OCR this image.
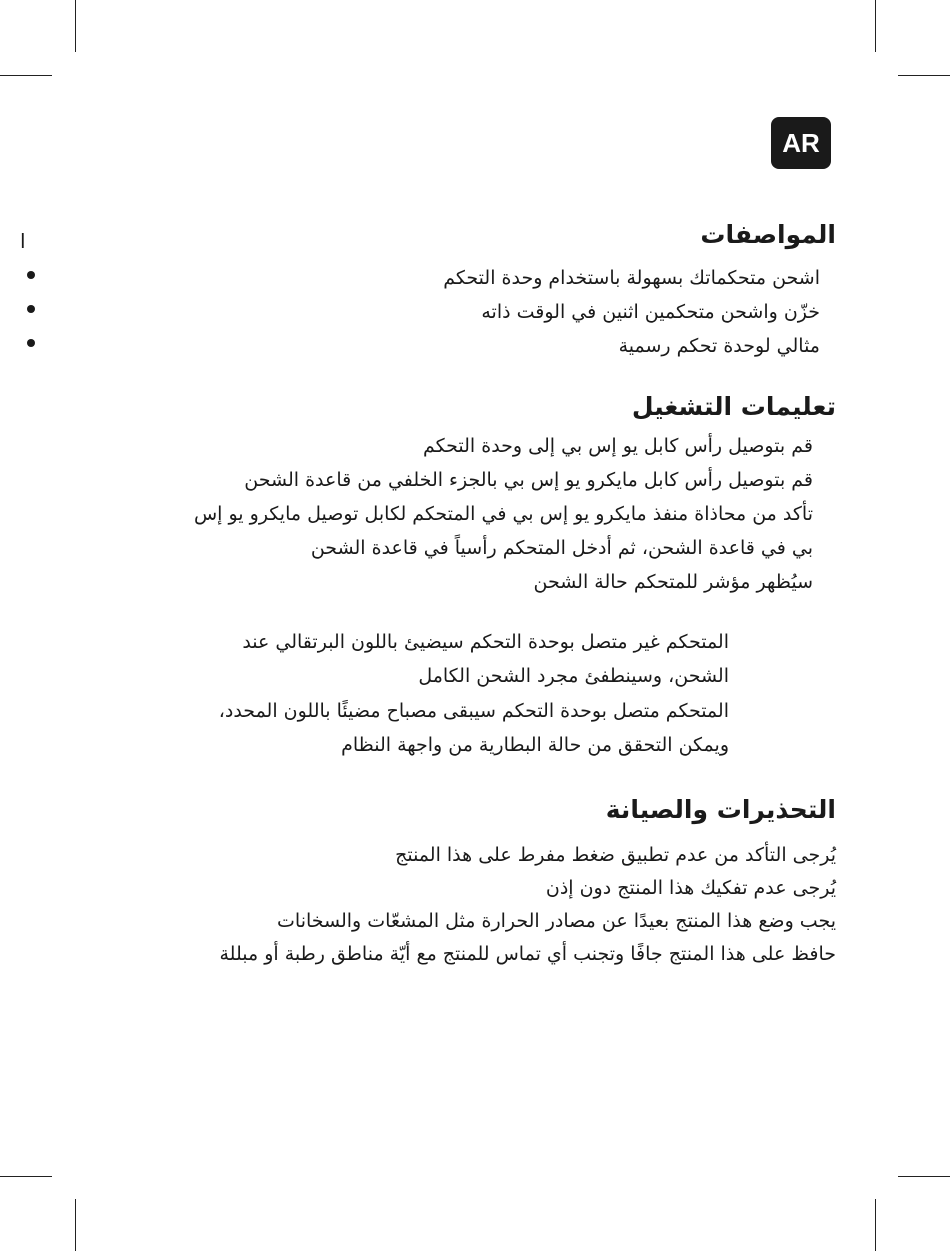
AR
ا	المواصفات
اشحن متحكماتك بسهولة باستخدام وحدة التحكم
خزّن واشحن متحكمين اثنين في الوقت ذاته
مثالي لوحدة تحكم رسمية
تعليمات التشغيل
قم بتوصيل رأس كابل يو إس بي إلى وحدة التحكم
قم بتوصيل رأس كابل مايكرو يو إس بي بالجزء الخلفي من قاعدة الشحن
تأكد من محاذاة منفذ مايكرو يو إس بي في المتحكم لكابل توصيل مايكرو يو إس
بي في قاعدة الشحن، ثم أدخل المتحكم رأسياً في قاعدة الشحن
سيُظهر مؤشر للمتحكم حالة الشحن
المتحكم غير متصل بوحدة التحكم سيضيئ باللون البرتقالي عند
الشحن، وسينطفئ مجرد الشحن الكامل
المتحكم متصل بوحدة التحكم سيبقى مصباح مضيئًا باللون المحدد،
ويمكن التحقق من حالة البطارية من واجهة النظام
التحذيرات والصيانة
يُرجى التأكد من عدم تطبيق ضغط مفرط على هذا المنتج
يُرجى عدم تفكيك هذا المنتج دون إذن
يجب وضع هذا المنتج بعيدًا عن مصادر الحرارة مثل المشعّات والسخانات
حافظ على هذا المنتج جافًا وتجنب أي تماس للمنتج مع أيّة مناطق رطبة أو مبللة
